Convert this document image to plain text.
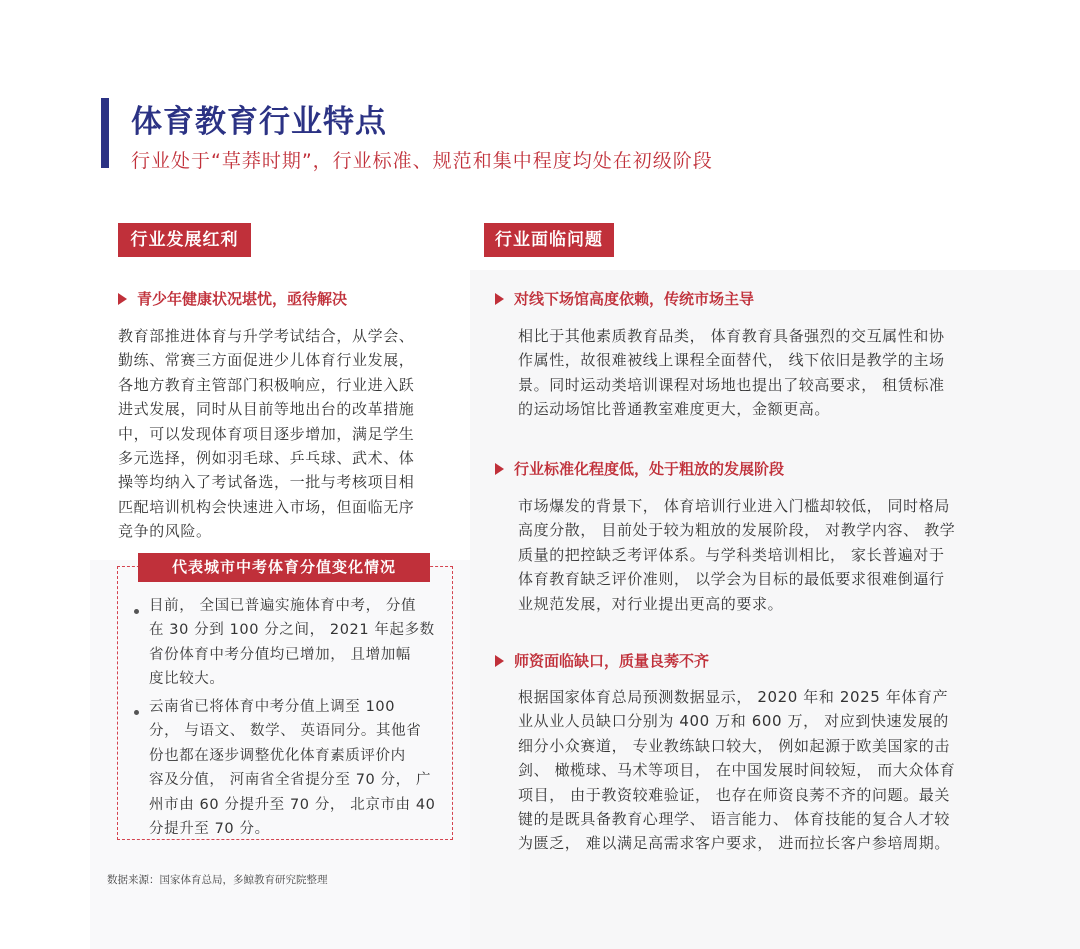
体育教育行业特点
行业处于“草莽时期”，行业标准、规范和集中程度均处在初级阶段
行业发展红利
青少年健康状况堪忧，亟待解决
教育部推进体育与升学考试结合，从学会、
勤练、常赛三方面促进少儿体育行业发展，
各地方教育主管部门积极响应，行业进入跃
进式发展，同时从目前等地出台的改革措施
中，可以发现体育项目逐步增加，满足学生
多元选择，例如羽毛球、乒乓球、武术、体
操等均纳入了考试备选，一批与考核项目相
匹配培训机构会快速进入市场，但面临无序
竞争的风险。
代表城市中考体育分值变化情况
目前， 全国已普遍实施体育中考， 分值
在 30 分到 100 分之间， 2021 年起多数
省份体育中考分值均已增加， 且增加幅
度比较大。
云南省已将体育中考分值上调至 100
分， 与语文、 数学、 英语同分。其他省
份也都在逐步调整优化体育素质评价内
容及分值， 河南省全省提分至 70 分， 广
州市由 60 分提升至 70 分， 北京市由 40
分提升至 70 分。
行业面临问题
对线下场馆高度依赖，传统市场主导
相比于其他素质教育品类， 体育教育具备强烈的交互属性和协
作属性，故很难被线上课程全面替代， 线下依旧是教学的主场
景。同时运动类培训课程对场地也提出了较高要求， 租赁标准
的运动场馆比普通教室难度更大，金额更高。
行业标准化程度低，处于粗放的发展阶段
市场爆发的背景下， 体育培训行业进入门槛却较低， 同时格局
高度分散， 目前处于较为粗放的发展阶段， 对教学内容、 教学
质量的把控缺乏考评体系。与学科类培训相比， 家长普遍对于
体育教育缺乏评价准则， 以学会为目标的最低要求很难倒逼行
业规范发展，对行业提出更高的要求。
师资面临缺口，质量良莠不齐
根据国家体育总局预测数据显示， 2020 年和 2025 年体育产
业从业人员缺口分别为 400 万和 600 万， 对应到快速发展的
细分小众赛道， 专业教练缺口较大， 例如起源于欧美国家的击
剑、 橄榄球、马术等项目， 在中国发展时间较短， 而大众体育
项目， 由于教资较难验证， 也存在师资良莠不齐的问题。最关
键的是既具备教育心理学、 语言能力、 体育技能的复合人才较
为匮乏， 难以满足高需求客户要求， 进而拉长客户参培周期。
数据来源：国家体育总局，多鲸教育研究院整理
